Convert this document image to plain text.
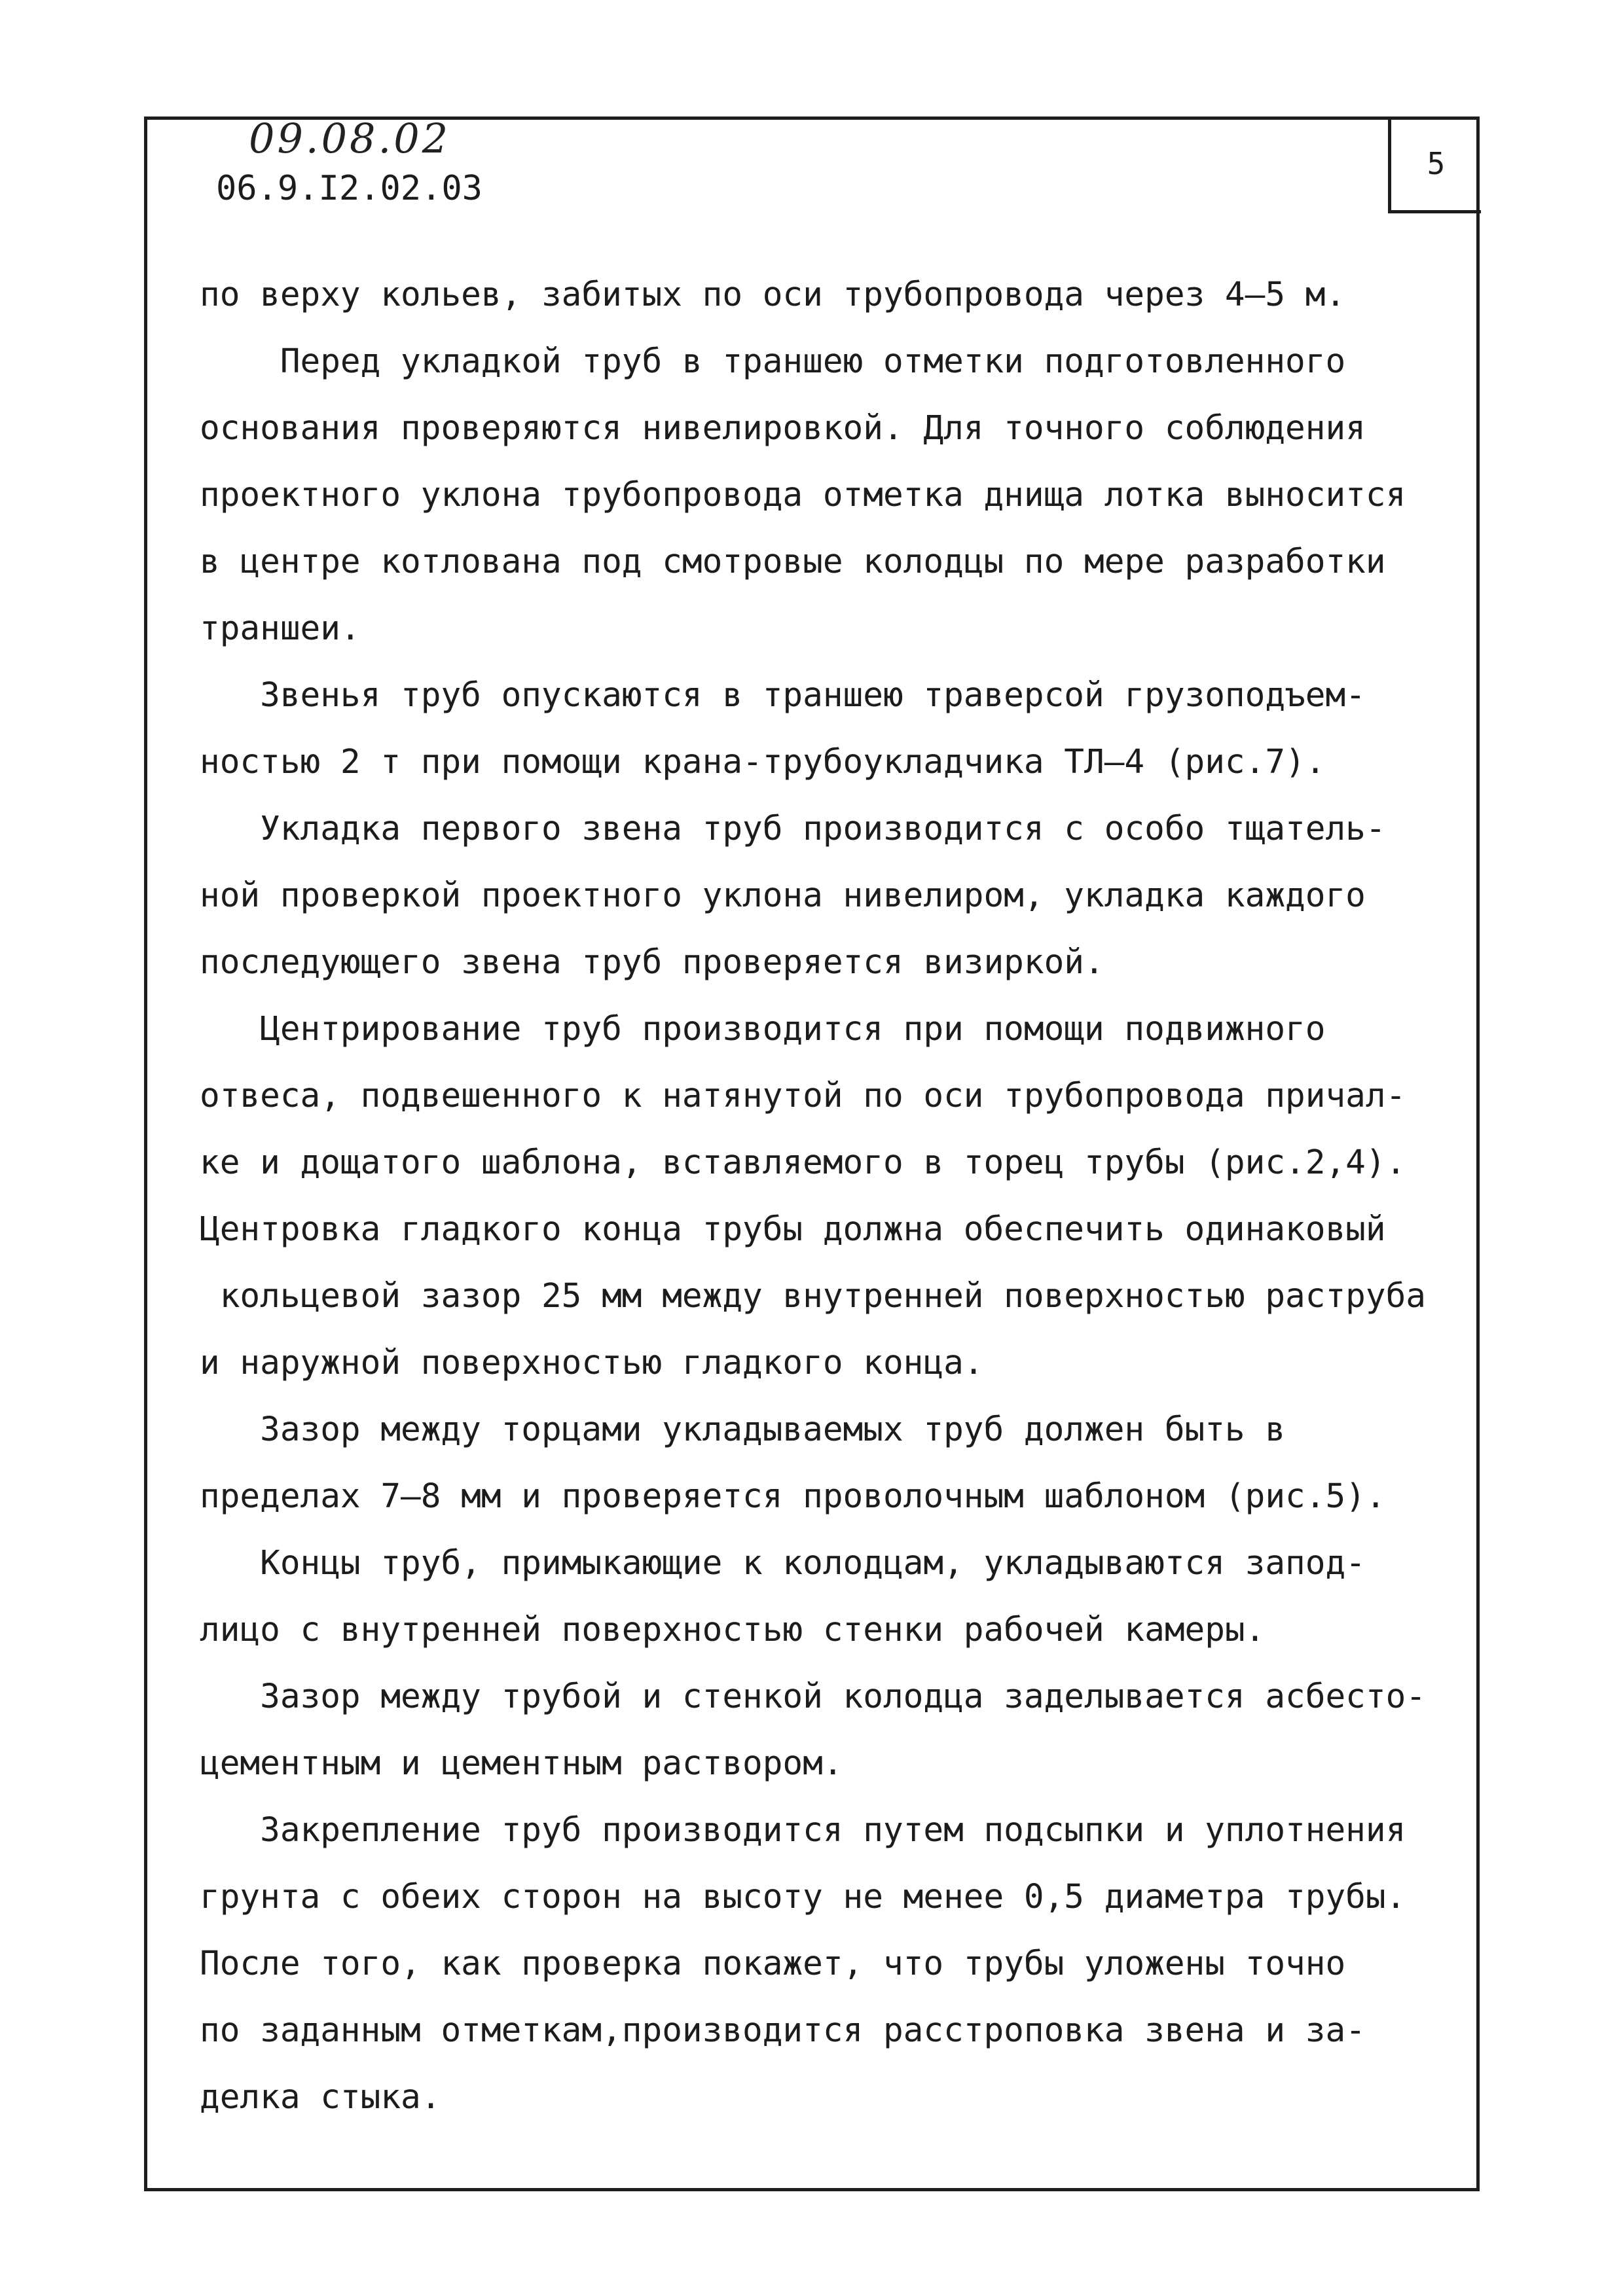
09.08.02
06.9.I2.02.03
5
по верху кольев, забитых по оси трубопровода через 4–5 м.
Перед укладкой труб в траншею отметки подготовленного
основания проверяются нивелировкой. Для точного соблюдения
проектного уклона трубопровода отметка днища лотка выносится
в центре котлована под смотровые колодцы по мере разработки
траншеи.
Звенья труб опускаются в траншею траверсой грузоподъем-
ностью 2 т при помощи крана-трубоукладчика ТЛ–4 (рис.7).
Укладка первого звена труб производится с особо тщатель-
ной проверкой проектного уклона нивелиром, укладка каждого
последующего звена труб проверяется визиркой.
Центрирование труб производится при помощи подвижного
отвеса, подвешенного к натянутой по оси трубопровода причал-
ке и дощатого шаблона, вставляемого в торец трубы (рис.2,4).
Центровка гладкого конца трубы должна обеспечить одинаковый
кольцевой зазор 25 мм между внутренней поверхностью раструба
и наружной поверхностью гладкого конца.
Зазор между торцами укладываемых труб должен быть в
пределах 7–8 мм и проверяется проволочным шаблоном (рис.5).
Концы труб, примыкающие к колодцам, укладываются запод-
лицо с внутренней поверхностью стенки рабочей камеры.
Зазор между трубой и стенкой колодца заделывается асбесто-
цементным и цементным раствором.
Закрепление труб производится путем подсыпки и уплотнения
грунта с обеих сторон на высоту не менее 0,5 диаметра трубы.
После того, как проверка покажет, что трубы уложены точно
по заданным отметкам,производится расстроповка звена и за-
делка стыка.
